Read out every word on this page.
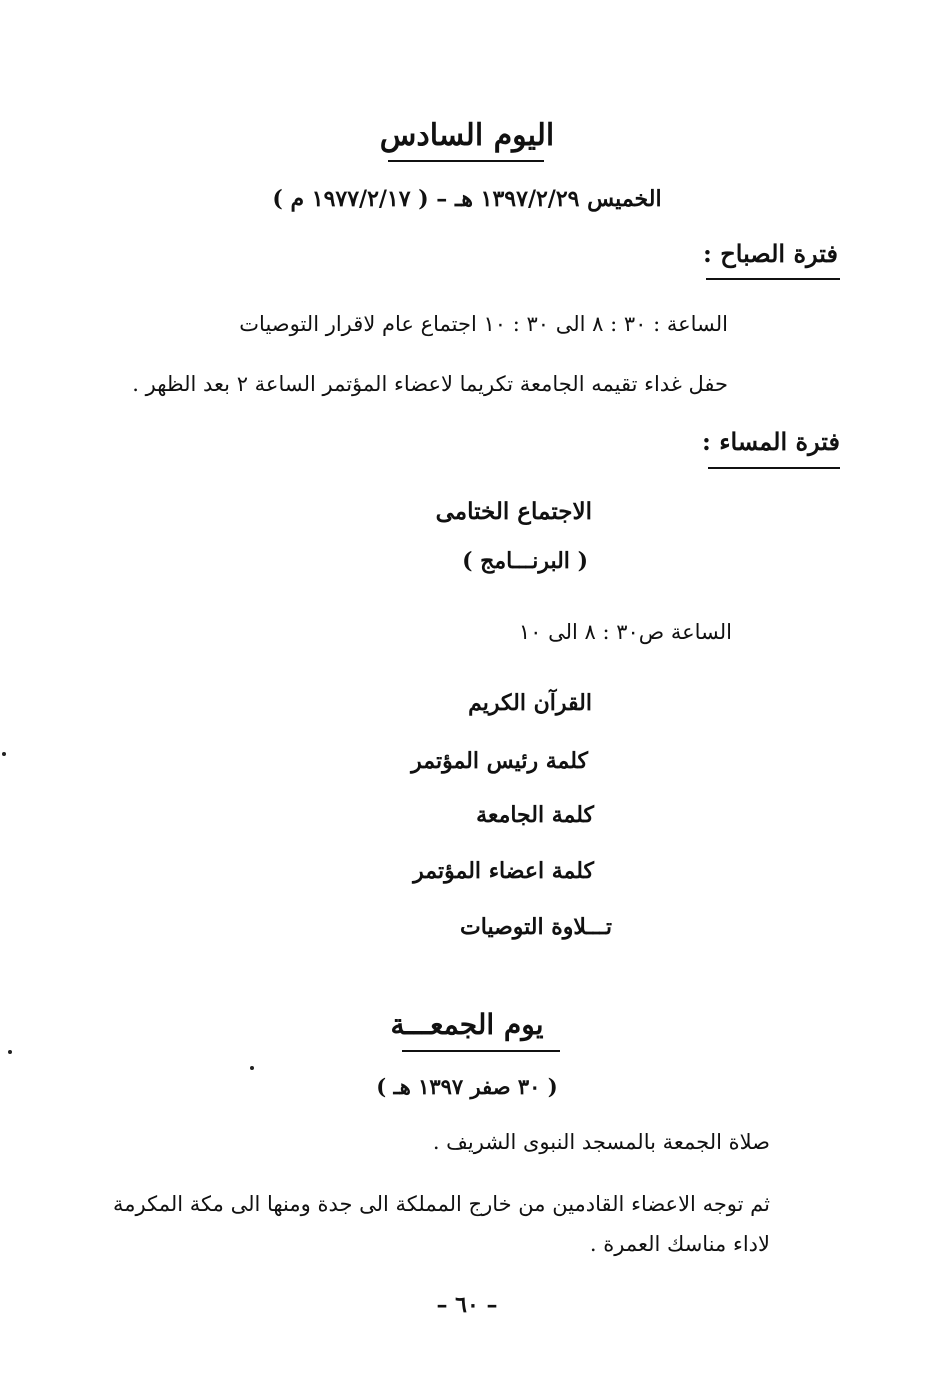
اليوم السادس
الخميس ١٣٩٧/٢/٢٩ هـ – ( ١٩٧٧/٢/١٧ م )
فترة الصباح :
الساعة : ٣٠ : ٨ الى ٣٠ : ١٠ اجتماع عام لاقرار التوصيات
حفل غداء تقيمه الجامعة تكريما لاعضاء المؤتمر الساعة ٢ بعد الظهر .
فترة المساء :
الاجتماع الختامى
( البرنـــامج )
الساعة ص٣٠ : ٨ الى ١٠
القرآن الكريم
كلمة رئيس المؤتمر
كلمة الجامعة
كلمة اعضاء المؤتمر
تـــلاوة التوصيات
يوم الجمعـــة
( ٣٠ صفر ١٣٩٧ هـ )
صلاة الجمعة بالمسجد النبوى الشريف .
ثم توجه الاعضاء القادمين من خارج المملكة الى جدة ومنها الى مكة المكرمة
لاداء مناسك العمرة .
– ٦٠ –
